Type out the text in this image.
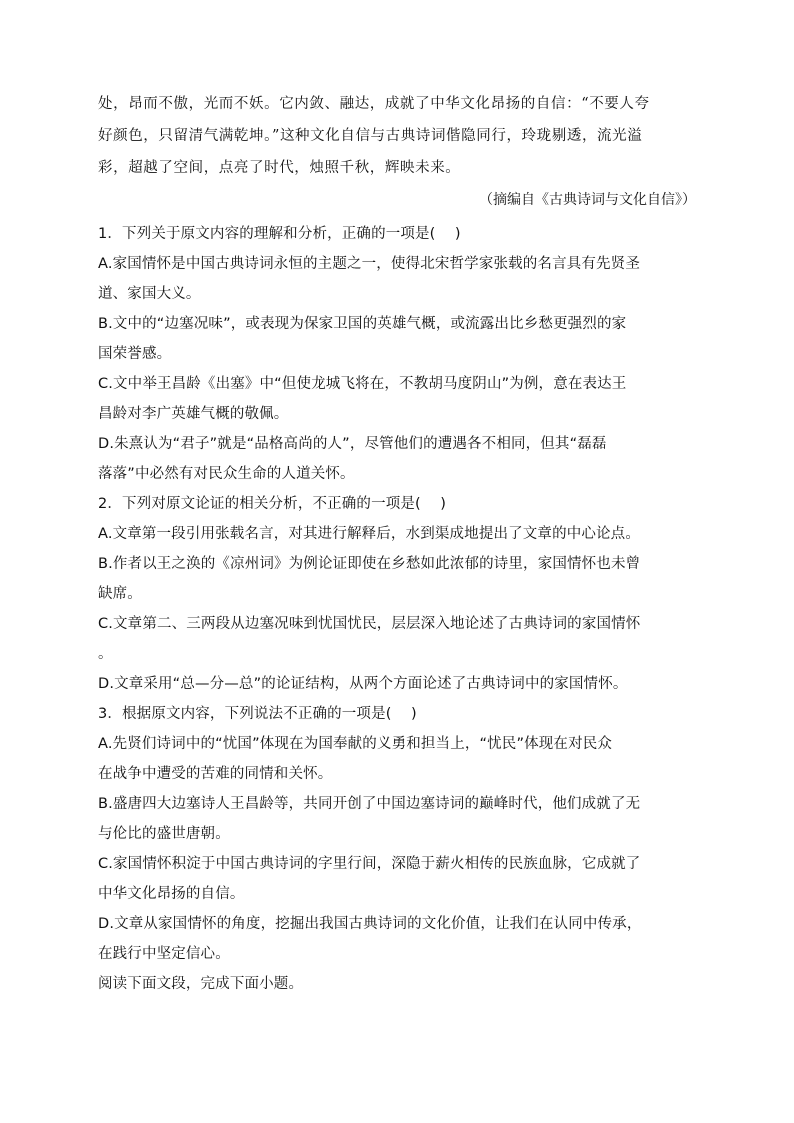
处，昂而不傲，光而不妖。它内敛、融达，成就了中华文化昂扬的自信：“不要人夸
好颜色，只留清气满乾坤。”这种文化自信与古典诗词偕隐同行，玲珑剔透，流光溢
彩，超越了空间，点亮了时代，烛照千秋，辉映未来。
（摘编自《古典诗词与文化自信》）
1．下列关于原文内容的理解和分析，正确的一项是(　 )
A.家国情怀是中国古典诗词永恒的主题之一，使得北宋哲学家张载的名言具有先贤圣
道、家国大义。
B.文中的“边塞况味”，或表现为保家卫国的英雄气概，或流露出比乡愁更强烈的家
国荣誉感。
C.文中举王昌龄《出塞》中“但使龙城飞将在，不教胡马度阴山”为例，意在表达王
昌龄对李广英雄气概的敬佩。
D.朱熹认为“君子”就是“品格高尚的人”，尽管他们的遭遇各不相同，但其“磊磊
落落”中必然有对民众生命的人道关怀。
2．下列对原文论证的相关分析，不正确的一项是(　 )
A.文章第一段引用张载名言，对其进行解释后，水到渠成地提出了文章的中心论点。
B.作者以王之涣的《凉州词》为例论证即使在乡愁如此浓郁的诗里，家国情怀也未曾
缺席。
C.文章第二、三两段从边塞况味到忧国忧民，层层深入地论述了古典诗词的家国情怀
。
D.文章采用“总—分—总”的论证结构，从两个方面论述了古典诗词中的家国情怀。
3．根据原文内容，下列说法不正确的一项是(　 )
A.先贤们诗词中的“忧国”体现在为国奉献的义勇和担当上，“忧民”体现在对民众
在战争中遭受的苦难的同情和关怀。
B.盛唐四大边塞诗人王昌龄等，共同开创了中国边塞诗词的巅峰时代，他们成就了无
与伦比的盛世唐朝。
C.家国情怀积淀于中国古典诗词的字里行间，深隐于薪火相传的民族血脉，它成就了
中华文化昂扬的自信。
D.文章从家国情怀的角度，挖掘出我国古典诗词的文化价值，让我们在认同中传承，
在践行中坚定信心。
阅读下面文段，完成下面小题。
